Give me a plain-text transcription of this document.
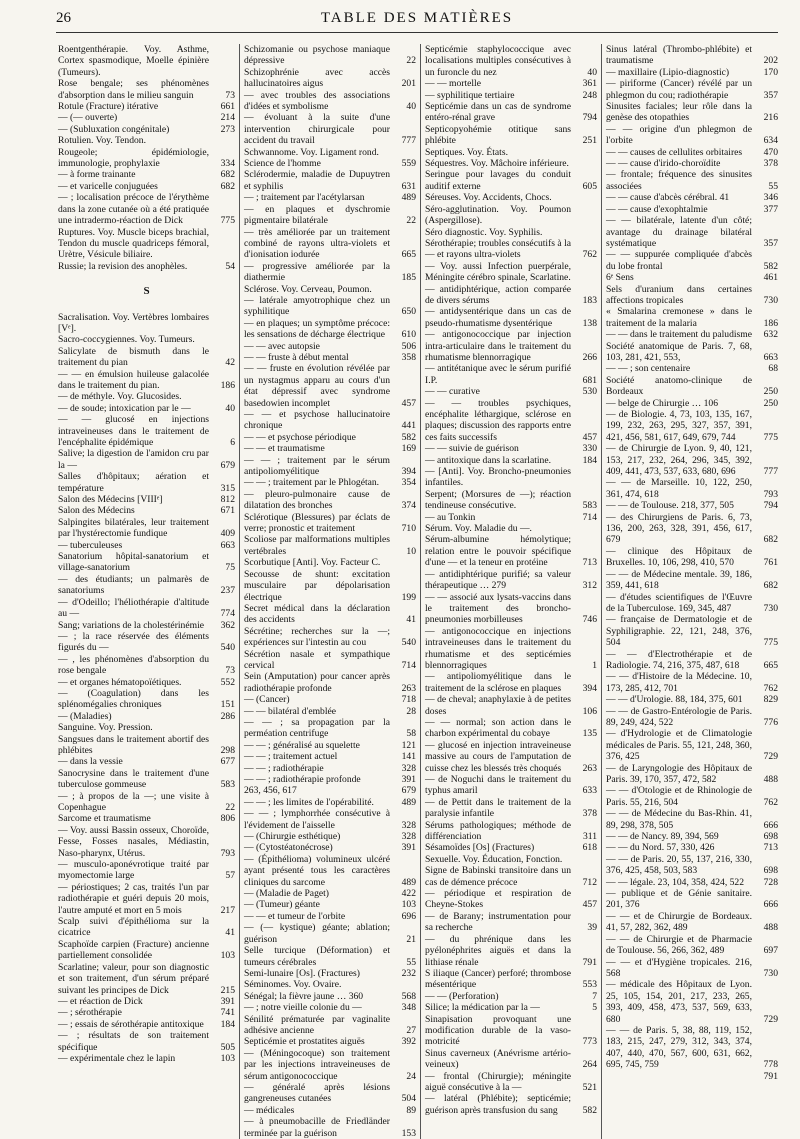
26	TABLE DES MATIÈRES
Roentgenthérapie. Voy. Asthme, Cortex spasmodique, Moelle épinière (Tumeurs).
Rose bengale; ses phénomènes d'absorption dans le milieu sanguin	73
Rotule (Fracture) itérative	661
— (— ouverte)	214
— (Subluxation congénitale)	273
Rotulien. Voy. Tendon.
Rougeole; épidémiologie, immunologie, prophylaxie	334
— à forme trainante	682
— et varicelle conjuguées	682
— ; localisation précoce de l'érythème dans la zone cutanée où a été pratiquée une intradermo-réaction de Dick	775
Ruptures. Voy. Muscle biceps brachial, Tendon du muscle quadriceps fémoral, Urètre, Vésicule biliaire.
Russie; la revision des anophèles.	54
S
Sacralisation. Voy. Vertèbres lombaires [Vᵉ].
Sacro-coccygiennes. Voy. Tumeurs.
Salicylate de bismuth dans le traitement du pian	42
— — en émulsion huileuse galacolée dans le traitement du pian.	186
— de méthyle. Voy. Glucosides.
— de soude; intoxication par le —	40
— — glucosé en injections intraveineuses dans le traitement de l'encéphalite épidémique	6
Salive; la digestion de l'amidon cru par la —	679
Salles d'hôpitaux; aération et température	315
Salon des Médecins [VIIIᵉ]	812
Salon des Médecins	671
Salpingites bilatérales, leur traitement par l'hystérectomie fundique	409
— tuberculeuses	663
Sanatorium hôpital-sanatorium et village-sanatorium	75
— des étudiants; un palmarès de sanatoriums	237
— d'Odeillo; l'héliothérapie d'altitude au —	774
Sang; variations de la cholestérinémie	362
— ; la race réservée des éléments figurés du —	540
— , les phénomènes d'absorption du rose bengale	73
— et organes hématopoïétiques.	552
— (Coagulation) dans les splénomégalies chroniques	151
— (Maladies)	286
Sanguine. Voy. Pression.
Sangsues dans le traitement abortif des phlébites	298
— dans la vessie	677
Sanocrysine dans le traitement d'une tuberculose gommeuse	583
— ; à propos de la —; une visite à Copenhague	22
Sarcome et traumatisme	806
— Voy. aussi Bassin osseux, Choroïde, Fesse, Fosses nasales, Médiastin, Naso-pharynx, Utérus.	793
— musculo-aponévrotique traité par myomectomie large	57
— périostiques; 2 cas, traités l'un par radiothérapie et guéri depuis 20 mois, l'autre amputé et mort en 5 mois	217
Scalp suivi d'épithélioma sur la cicatrice	41
Scaphoïde carpien (Fracture) ancienne partiellement consolidée	103
Scarlatine; valeur, pour son diagnostic et son traitement, d'un sérum préparé suivant les principes de Dick	215
— et réaction de Dick	391
— ; sérothérapie	741
— ; essais de sérothérapie antitoxique	184
— ; résultats de son traitement spécifique	505
— expérimentale chez le lapin	103
Schizomanie ou psychose maniaque dépressive	22
Schizophrénie avec accès hallucinatoires aigus	201
— avec troubles des associations d'idées et symbolisme	40
— évoluant à la suite d'une intervention chirurgicale pour accident du travail	777
Schwannome. Voy. Ligament rond.
Science de l'homme	559
Sclérodermie, maladie de Dupuytren et syphilis	631
— ; traitement par l'acétylarsan	489
— en plaques et dyschromie pigmentaire bilatérale	22
— très améliorée par un traitement combiné de rayons ultra-violets et d'ionisation iodurée	665
— progressive améliorée par la diathermie	185
Sclérose. Voy. Cerveau, Poumon.
— latérale amyotrophique chez un syphilitique	650
— en plaques; un symptôme précoce: les sensations de décharge électrique	610
— — avec autopsie	506
— — fruste à début mental	358
— — fruste en évolution révélée par un nystagmus apparu au cours d'un état dépressif avec syndrome basedowien incomplet	457
— — et psychose hallucinatoire chronique	441
— — et psychose périodique	582
— — et traumatisme	169
— — ; traitement par le sérum antipoliomyélitique	394
— — ; traitement par le Phlogétan.	354
— pleuro-pulmonaire cause de dilatation des bronches	374
Sclérotique (Blessures) par éclats de verre; pronostic et traitement	710
Scoliose par malformations multiples vertébrales	10
Scorbutique [Anti]. Voy. Facteur C.
Secousse de shunt: excitation musculaire par dépolarisation électrique	199
Secret médical dans la déclaration des accidents	41
Sécrétine; recherches sur la —; expériences sur l'intestin au cou	540
Sécrétion nasale et sympathique cervical	714
Sein (Amputation) pour cancer après radiothérapie profonde	263
— (Cancer)	718
— — bilatéral d'emblée	28
— — ; sa propagation par la perméation centrifuge	58
— — ; généralisé au squelette	121
— — ; traitement actuel	141
— — ; radiothérapie	328
— — ; radiothérapie profonde	391
263, 456, 617	679
— — ; les limites de l'opérabilité.	489
— — ; lymphorrhée consécutive à l'évidement de l'aisselle	328
— (Chirurgie esthétique)	328
— (Cytostéatonécrose)	391
— (Épithélioma) volumineux ulcéré ayant présenté tous les caractères cliniques du sarcome	489
— (Maladie de Paget)	422
— (Tumeur) géante	103
— — et tumeur de l'orbite	696
— (— kystique) géante; ablation; guérison	21
Selle turcique (Déformation) et tumeurs cérébrales	55
Semi-lunaire [Os]. (Fractures)	232
Séminomes. Voy. Ovaire.
Sénégal; la fièvre jaune … 360	568
— ; notre vieille colonie du —	348
Sénilité prématurée par vaginalite adhésive ancienne	27
Septicémie et prostatites aiguës	392
— (Méningocoque) son traitement par les injections intraveineuses de sérum antigonococcique	24
— généralé après lésions gangreneuses cutanées	504
— médicales	89
— à pneumobacille de Friedländer terminée par la guérison	153
Septicémie staphylococcique avec localisations multiples consécutives à un furoncle du nez	40
— — mortelle	361
— syphilitique tertiaire	248
Septicémie dans un cas de syndrome entéro-rénal grave	794
Septicopyohémie otitique sans phlébite	251
Septiques. Voy. États.
Séquestres. Voy. Mâchoire inférieure.
Seringue pour lavages du conduit auditif externe	605
Séreuses. Voy. Accidents, Chocs.
Séro-agglutination. Voy. Poumon (Aspergillose).
Séro diagnostic. Voy. Syphilis.
Sérothérapie; troubles consécutifs à la — et rayons ultra-violets	762
— Voy. aussi Infection puerpérale, Méningite cérébro spinale, Scarlatine.
— antidiphtérique, action comparée de divers sérums	183
— antidysentérique dans un cas de pseudo-rhumatisme dysentérique	138
— antigonococcique par injection intra-articulaire dans le traitement du rhumatisme blennorragique	266
— antitétanique avec le sérum purifié I.P.	681
— — curative	530
— — troubles psychiques, encéphalite léthargique, sclérose en plaques; discussion des rapports entre ces faits successifs	457
— — suivie de guérison	330
— antitoxique dans la scarlatine.	184
— [Anti]. Voy. Broncho-pneumonies infantiles.
Serpent; (Morsures de —); réaction tendineuse consécutive.	583
— au Tonkin	714
Sérum. Voy. Maladie du —.
Sérum-albumine hémolytique; relation entre le pouvoir spécifique d'une — et la teneur en protéine	713
— antidiphtérique purifié; sa valeur thérapeutique … 279	312
— — associé aux lysats-vaccins dans le traitement des broncho-pneumonies morbilleuses	746
— antigonococcique en injections intraveineuses dans le traitement du rhumatisme et des septicémies blennorragiques	1
— antipoliomyélitique dans le traitement de la sclérose en plaques	394
— de cheval; anaphylaxie à de petites doses	106
— — normal; son action dans le charbon expérimental du cobaye	135
— glucosé en injection intraveineuse massive au cours de l'amputation de cuisse chez les blessés très choqués	263
— de Noguchi dans le traitement du typhus amaril	633
— de Pettit dans le traitement de la paralysie infantile	378
Sérums pathologiques; méthode de différenciation	311
Sésamoïdes [Os] (Fractures)	618
Sexuelle. Voy. Éducation, Fonction.
Signe de Babinski transitoire dans un cas de démence précoce	712
— périodique et respiration de Cheyne-Stokes	457
— de Barany; instrumentation pour sa recherche	39
— du phrénique dans les pyélonéphrites aiguës et dans la lithiase rénale	791
S iliaque (Cancer) perforé; thrombose mésentérique	553
— — (Perforation)	7
Silice; la médication par la —	5
Sinapisation provoquant une modification durable de la vaso-motricité	773
Sinus caverneux (Anévrisme artério-veineux)	264
— frontal (Chirurgie); méningite aiguë consécutive à la —	521
— latéral (Phlébite); septicémie; guérison après transfusion du sang	582
Sinus latéral (Thrombo-phlébite) et traumatisme	202
— maxillaire (Lipio-diagnostic)	170
— piriforme (Cancer) révélé par un phlegmon du cou; radiothérapie	357
Sinusites faciales; leur rôle dans la genèse des otopathies	216
— — origine d'un phlegmon de l'orbite	634
— — causes de cellulites orbitaires	470
— — cause d'irido-choroïdite	378
— frontale; fréquence des sinusites associées	55
— — cause d'abcès cérébral. 41	346
— — cause d'exophtalmie	377
— — bilatérale, latente d'un côté; avantage du drainage bilatéral systématique	357
— — suppurée compliquée d'abcès du lobe frontal	582
6ᵉ Sens	461
Sels d'uranium dans certaines affections tropicales	730
« Smalarina cremonese » dans le traitement de la malaria	186
— — dans le traitement du paludisme	632
Société anatomique de Paris. 7, 68, 103, 281, 421, 553,	663
— — ; son centenaire	68
Société anatomo-clinique de Bordeaux	250
— belge de Chirurgie … 106	250
— de Biologie. 4, 73, 103, 135, 167, 199, 232, 263, 295, 327, 357, 391, 421, 456, 581, 617, 649, 679, 744	775
— de Chirurgie de Lyon. 9, 40, 121, 153, 217, 232, 264, 296, 345, 392, 409, 441, 473, 537, 633, 680, 696	777
— — de Marseille. 10, 122, 250, 361, 474, 618	793
— — de Toulouse. 218, 377, 505	794
— des Chirurgiens de Paris. 6, 73, 136, 200, 263, 328, 391, 456, 617, 679	682
— clinique des Hôpitaux de Bruxelles. 10, 106, 298, 410, 570	761
— — de Médecine mentale. 39, 186, 359, 441, 618	682
— d'études scientifiques de l'Œuvre de la Tuberculose. 169, 345, 487	730
— française de Dermatologie et de Syphiligraphie. 22, 121, 248, 376, 504	775
— — d'Electrothérapie et de Radiologie. 74, 216, 375, 487, 618	665
— — d'Histoire de la Médecine. 10, 173, 285, 412, 701	762
— — d'Urologie. 88, 184, 375, 601	829
— — de Gastro-Entérologie de Paris. 89, 249, 424, 522	776
— d'Hydrologie et de Climatologie médicales de Paris. 55, 121, 248, 360, 376, 425	729
— de Laryngologie des Hôpitaux de Paris. 39, 170, 357, 472, 582	488
— — d'Otologie et de Rhinologie de Paris. 55, 216, 504	762
— — de Médecine du Bas-Rhin. 41, 89, 298, 378, 505	666
— — de Nancy. 89, 394, 569	698
— — du Nord. 57, 330, 426	713
— — de Paris. 20, 55, 137, 216, 330, 376, 425, 458, 503, 583	698
— — légale. 23, 104, 358, 424, 522	728
— publique et de Génie sanitaire. 201, 376	666
— — et de Chirurgie de Bordeaux. 41, 57, 282, 362, 489	488
— — de Chirurgie et de Pharmacie de Toulouse. 56, 266, 362, 489	697
— — et d'Hygiène tropicales. 216, 568	730
— médicale des Hôpitaux de Lyon. 25, 105, 154, 201, 217, 233, 265, 393, 409, 458, 473, 537, 569, 633, 680	729
— — de Paris. 5, 38, 88, 119, 152, 183, 215, 247, 279, 312, 343, 374, 407, 440, 470, 567, 600, 631, 662, 695, 745, 759	778
791
